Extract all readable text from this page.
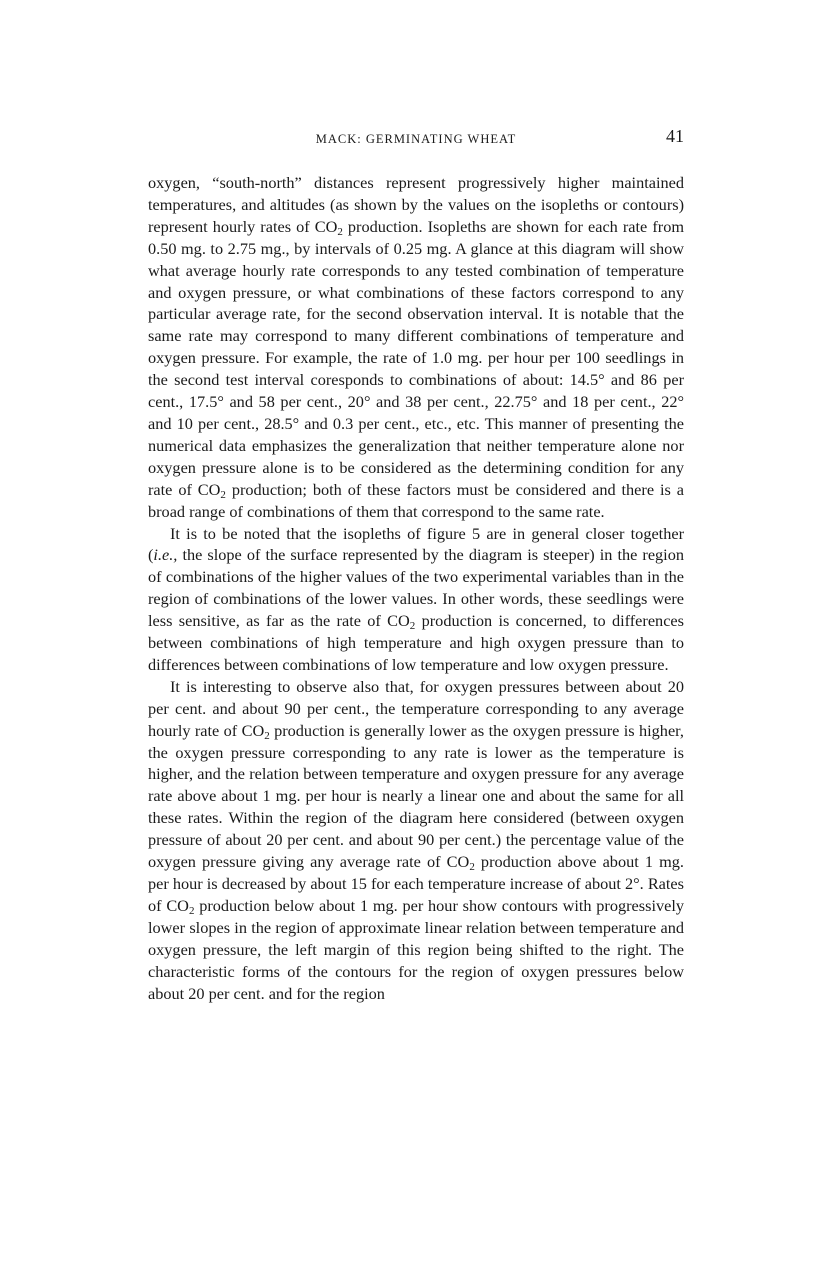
MACK: GERMINATING WHEAT	41

oxygen, “south-north” distances represent progressively higher maintained temperatures, and altitudes (as shown by the values on the isopleths or contours) represent hourly rates of $CO_2$ production. Isopleths are shown for each rate from 0.50 mg. to 2.75 mg., by intervals of 0.25 mg. A glance at this diagram will show what average hourly rate corresponds to any tested combination of temperature and oxygen pressure, or what combinations of these factors correspond to any particular average rate, for the second observation interval. It is notable that the same rate may correspond to many different combinations of temperature and oxygen pressure. For example, the rate of 1.0 mg. per hour per 100 seedlings in the second test interval coresponds to combinations of about: 14.5° and 86 per cent., 17.5° and 58 per cent., 20° and 38 per cent., 22.75° and 18 per cent., 22° and 10 per cent., 28.5° and 0.3 per cent., etc., etc. This manner of presenting the numerical data emphasizes the generalization that neither temperature alone nor oxygen pressure alone is to be considered as the determining condition for any rate of $CO_2$ production; both of these factors must be considered and there is a broad range of combinations of them that correspond to the same rate.

It is to be noted that the isopleths of figure 5 are in general closer together (i.e., the slope of the surface represented by the diagram is steeper) in the region of combinations of the higher values of the two experimental variables than in the region of combinations of the lower values. In other words, these seedlings were less sensitive, as far as the rate of $CO_2$ production is concerned, to differences between combinations of high temperature and high oxygen pressure than to differences between combinations of low temperature and low oxygen pressure.

It is interesting to observe also that, for oxygen pressures between about 20 per cent. and about 90 per cent., the temperature corresponding to any average hourly rate of $CO_2$ production is generally lower as the oxygen pressure is higher, the oxygen pressure corresponding to any rate is lower as the temperature is higher, and the relation between temperature and oxygen pressure for any average rate above about 1 mg. per hour is nearly a linear one and about the same for all these rates. Within the region of the diagram here considered (between oxygen pressure of about 20 per cent. and about 90 per cent.) the percentage value of the oxygen pressure giving any average rate of $CO_2$ production above about 1 mg. per hour is decreased by about 15 for each temperature increase of about 2°. Rates of $CO_2$ production below about 1 mg. per hour show contours with progressively lower slopes in the region of approximate linear relation between temperature and oxygen pressure, the left margin of this region being shifted to the right. The characteristic forms of the contours for the region of oxygen pressures below about 20 per cent. and for the region
